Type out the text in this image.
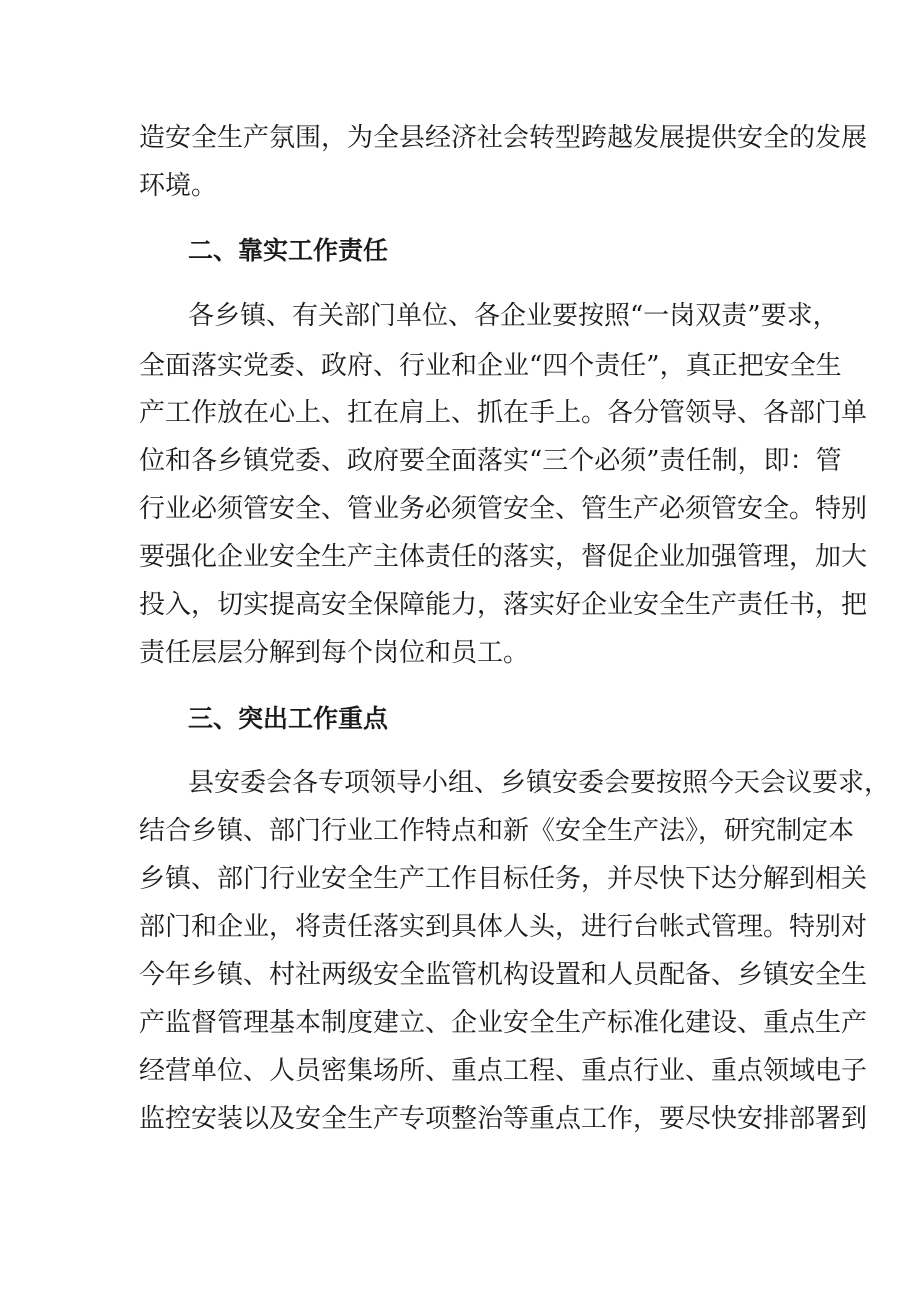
造安全生产氛围，为全县经济社会转型跨越发展提供安全的发展
环境。
二、靠实工作责任
各乡镇、有关部门单位、各企业要按照“一岗双责”要求，
全面落实党委、政府、行业和企业“四个责任”，真正把安全生
产工作放在心上、扛在肩上、抓在手上。各分管领导、各部门单
位和各乡镇党委、政府要全面落实“三个必须”责任制，即：管
行业必须管安全、管业务必须管安全、管生产必须管安全。特别
要强化企业安全生产主体责任的落实，督促企业加强管理，加大
投入，切实提高安全保障能力，落实好企业安全生产责任书，把
责任层层分解到每个岗位和员工。
三、突出工作重点
县安委会各专项领导小组、乡镇安委会要按照今天会议要求，
结合乡镇、部门行业工作特点和新《安全生产法》，研究制定本
乡镇、部门行业安全生产工作目标任务，并尽快下达分解到相关
部门和企业，将责任落实到具体人头，进行台帐式管理。特别对
今年乡镇、村社两级安全监管机构设置和人员配备、乡镇安全生
产监督管理基本制度建立、企业安全生产标准化建设、重点生产
经营单位、人员密集场所、重点工程、重点行业、重点领域电子
监控安装以及安全生产专项整治等重点工作，要尽快安排部署到
